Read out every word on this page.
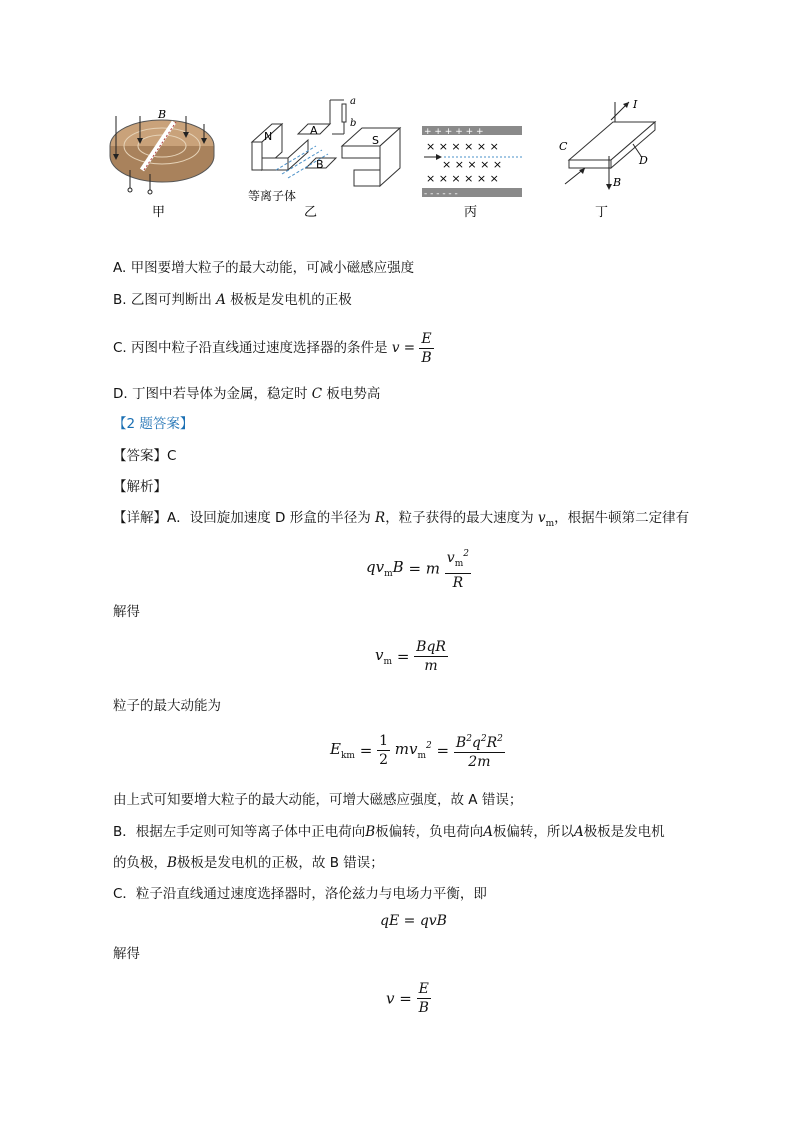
B
甲
N	A
B
a
b
S
等离子体
乙
+ + + + + +
× × × × × ×
× × × × ×
× × × × × ×
- - - - - -
丙
I
C
D
B
丁
A. 甲图要增大粒子的最大动能，可减小磁感应强度
B. 乙图可判断出 A 极板是发电机的正极
C. 丙图中粒子沿直线通过速度选择器的条件是 $v = \frac{E}{B}$
D. 丁图中若导体为金属，稳定时 C 板电势高
【2 题答案】
【答案】C
【解析】
【详解】A．设回旋加速度 D 形盒的半径为 R，粒子获得的最大速度为 $v_m$，根据牛顿第二定律有
$qv_mB = m \frac{v_m^2}{R}$
解得
$v_m = \frac{\text{BqR}}{m}$
粒子的最大动能为
$E_{km} = \frac{1}{2} mv_m^2 = \frac{B^2q^2R^2}{2m}$
由上式可知要增大粒子的最大动能，可增大磁感应强度，故 A 错误；
B．根据左手定则可知等离子体中正电荷向B板偏转，负电荷向A板偏转，所以A极板是发电机
的负极，B极板是发电机的正极，故 B 错误；
C．粒子沿直线通过速度选择器时，洛伦兹力与电场力平衡，即
qE = qvB
解得
$v = \frac{E}{B}$
